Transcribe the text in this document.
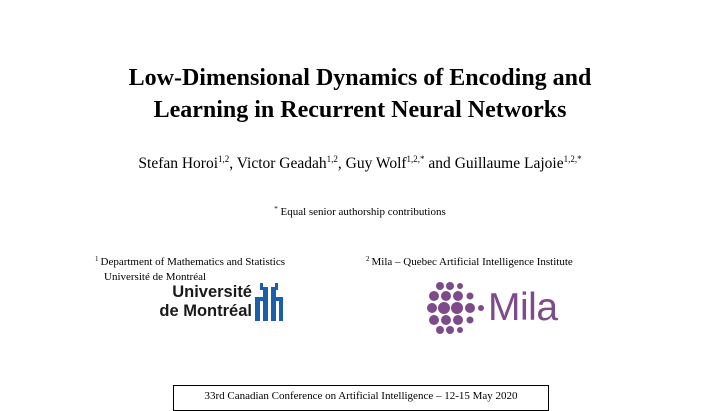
Low-Dimensional Dynamics of Encoding and
Learning in Recurrent Neural Networks
Stefan Horoi$^{1,2}$, Victor Geadah$^{1,2}$, Guy Wolf$^{1,2,*}$ and Guillaume Lajoie$^{1,2,*}$
* Equal senior authorship contributions
$^1$ Department of Mathematics and Statistics
Université de Montréal
$^2$ Mila – Quebec Artificial Intelligence Institute
Université
de Montréal	Mila
33rd Canadian Conference on Artificial Intelligence – 12-15 May 2020
